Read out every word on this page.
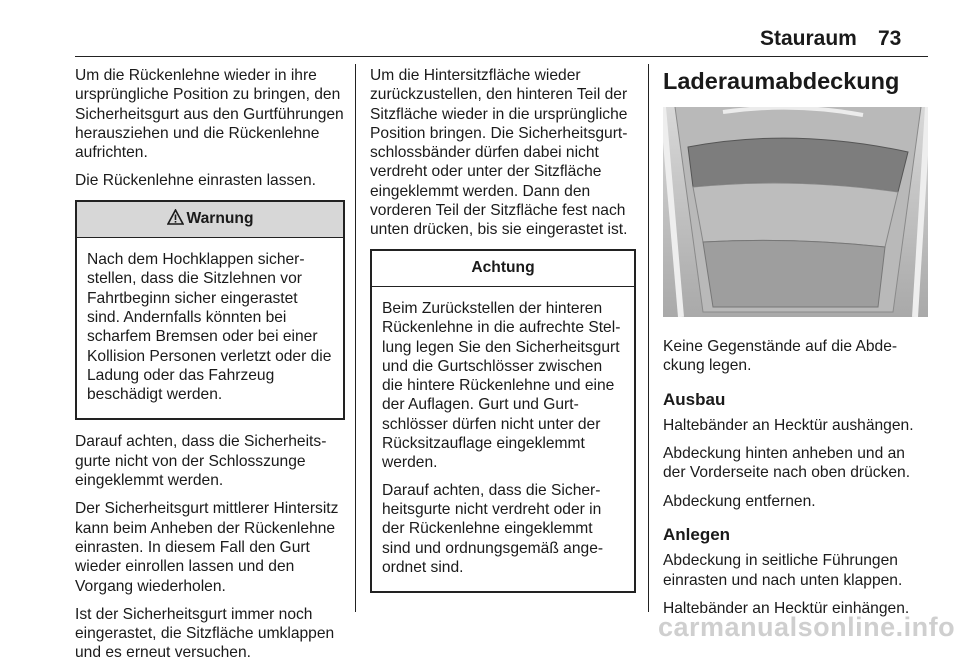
Stauraum 73

Um die Rückenlehne wieder in ihre ursprüngliche Position zu bringen, den Sicherheitsgurt aus den Gurtführungen herausziehen und die Rückenlehne aufrichten.

Die Rückenlehne einrasten lassen.

Warnung

Nach dem Hochklappen sicherstellen, dass die Sitzlehnen vor Fahrtbeginn sicher eingerastet sind. Andernfalls könnten bei scharfem Bremsen oder bei einer Kollision Personen verletzt oder die Ladung oder das Fahrzeug beschädigt werden.

Darauf achten, dass die Sicherheitsgurte nicht von der Schlosszunge eingeklemmt werden.

Der Sicherheitsgurt mittlerer Hintersitz kann beim Anheben der Rückenlehne einrasten. In diesem Fall den Gurt wieder einrollen lassen und den Vorgang wiederholen.

Ist der Sicherheitsgurt immer noch eingerastet, die Sitzfläche umklappen und es erneut versuchen.

Um die Hintersitzfläche wieder zurückzustellen, den hinteren Teil der Sitzfläche wieder in die ursprüngliche Position bringen. Die Sicherheitsgurtschlossbänder dürfen dabei nicht verdreht oder unter der Sitzfläche eingeklemmt werden. Dann den vorderen Teil der Sitzfläche fest nach unten drücken, bis sie eingerastet ist.

Achtung

Beim Zurückstellen der hinteren Rückenlehne in die aufrechte Stellung legen Sie den Sicherheitsgurt und die Gurtschlösser zwischen die hintere Rückenlehne und eine der Auflagen. Gurt und Gurtschlösser dürfen nicht unter der Rücksitzauflage eingeklemmt werden.

Darauf achten, dass die Sicherheitsgurte nicht verdreht oder in der Rückenlehne eingeklemmt sind und ordnungsgemäß angeordnet sind.

Laderaumabdeckung

Keine Gegenstände auf die Abdeckung legen.

Ausbau

Haltebänder an Hecktür aushängen.

Abdeckung hinten anheben und an der Vorderseite nach oben drücken.

Abdeckung entfernen.

Anlegen

Abdeckung in seitliche Führungen einrasten und nach unten klappen.

Haltebänder an Hecktür einhängen.

carmanualsonline.info
